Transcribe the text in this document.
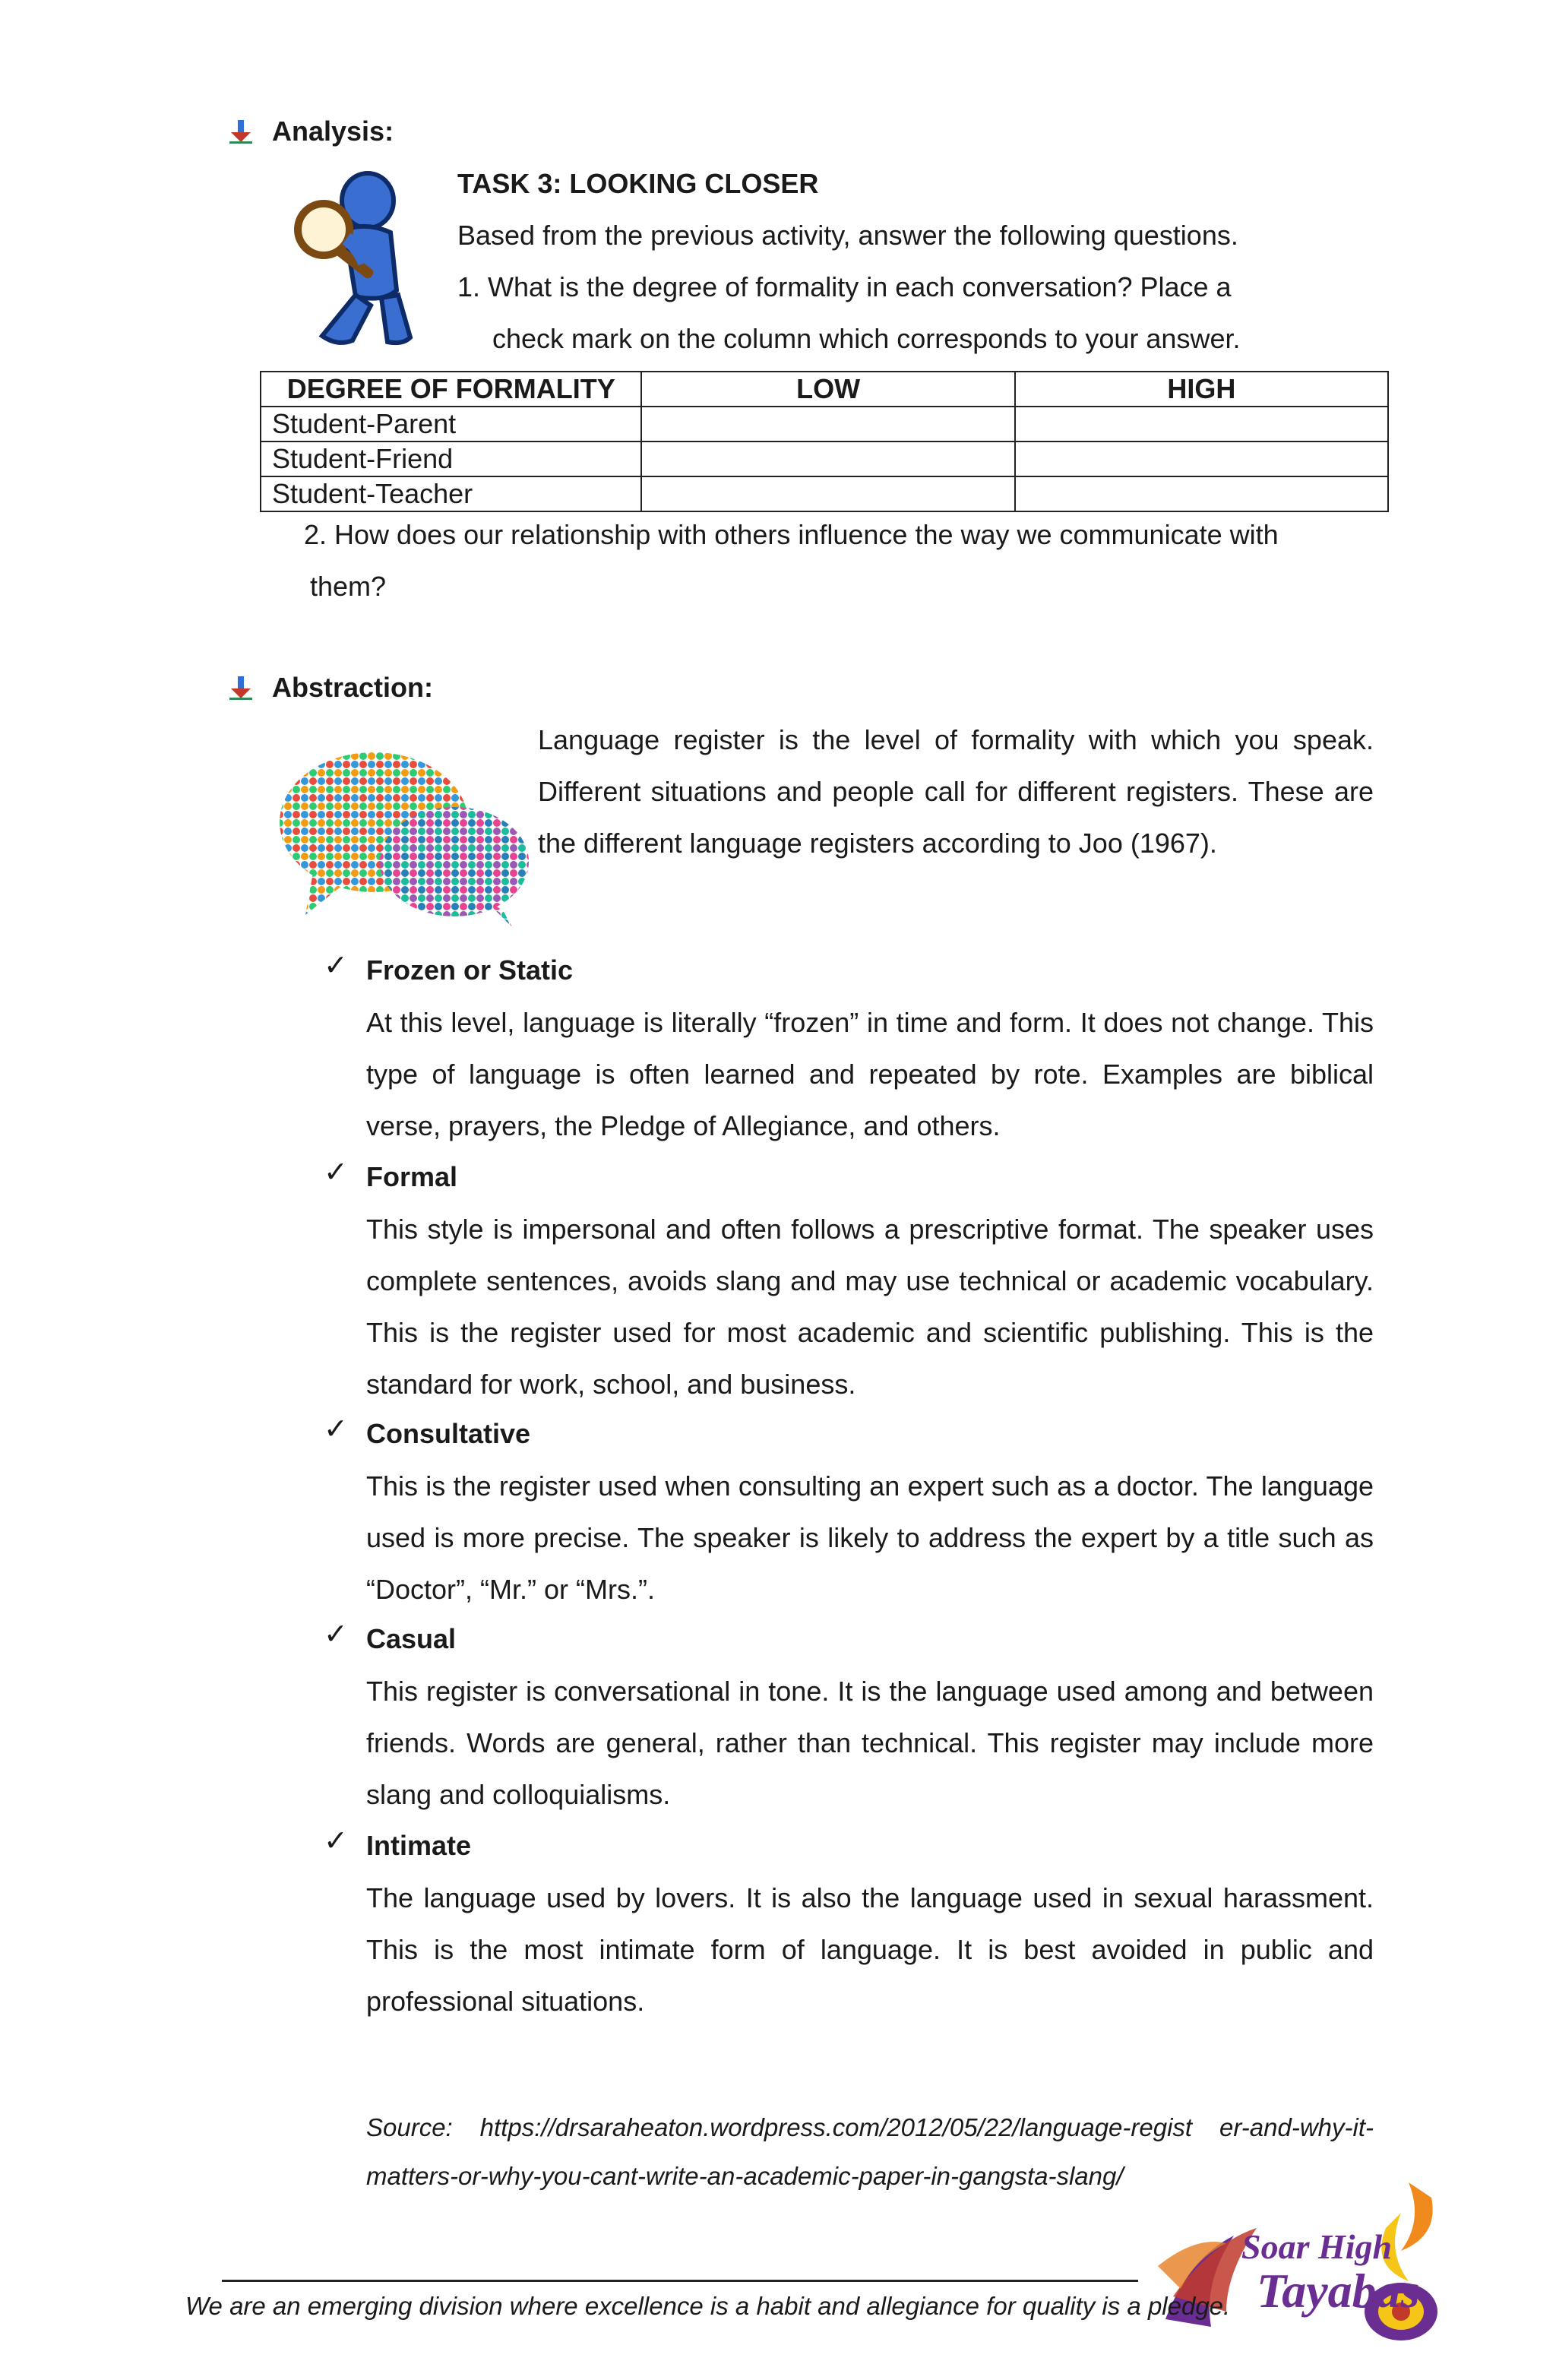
Analysis:
TASK 3: LOOKING CLOSER
Based from the previous activity, answer the following questions.
1. What is the degree of formality in each conversation? Place a
check mark on the column which corresponds to your answer.
DEGREE OF FORMALITY	LOW	HIGH
Student-Parent		
Student-Friend		
Student-Teacher		
2. How does our relationship with others influence the way we communicate with
them?
Abstraction:
Language register is the level of formality with which you speak. Different situations and people call for different registers. These are the different language registers according to Joo (1967).
✓ Frozen or Static
At this level, language is literally “frozen” in time and form. It does not change. This type of language is often learned and repeated by rote. Examples are biblical verse, prayers, the Pledge of Allegiance, and others.
✓ Formal
This style is impersonal and often follows a prescriptive format. The speaker uses complete sentences, avoids slang and may use technical or academic vocabulary. This is the register used for most academic and scientific publishing. This is the standard for work, school, and business.
✓ Consultative
This is the register used when consulting an expert such as a doctor. The language used is more precise. The speaker is likely to address the expert by a title such as “Doctor”, “Mr.” or “Mrs.”.
✓ Casual
This register is conversational in tone. It is the language used among and between friends. Words are general, rather than technical. This register may include more slang and colloquialisms.
✓ Intimate
The language used by lovers. It is also the language used in sexual harassment. This is the most intimate form of language. It is best avoided in public and professional situations.
Source: https://drsaraheaton.wordpress.com/2012/05/22/language-regist er-and-why-it-matters-or-why-you-cant-write-an-academic-paper-in-gangsta-slang/
Soar High
Tayabas
We are an emerging division where excellence is a habit and allegiance for quality is a pledge.
